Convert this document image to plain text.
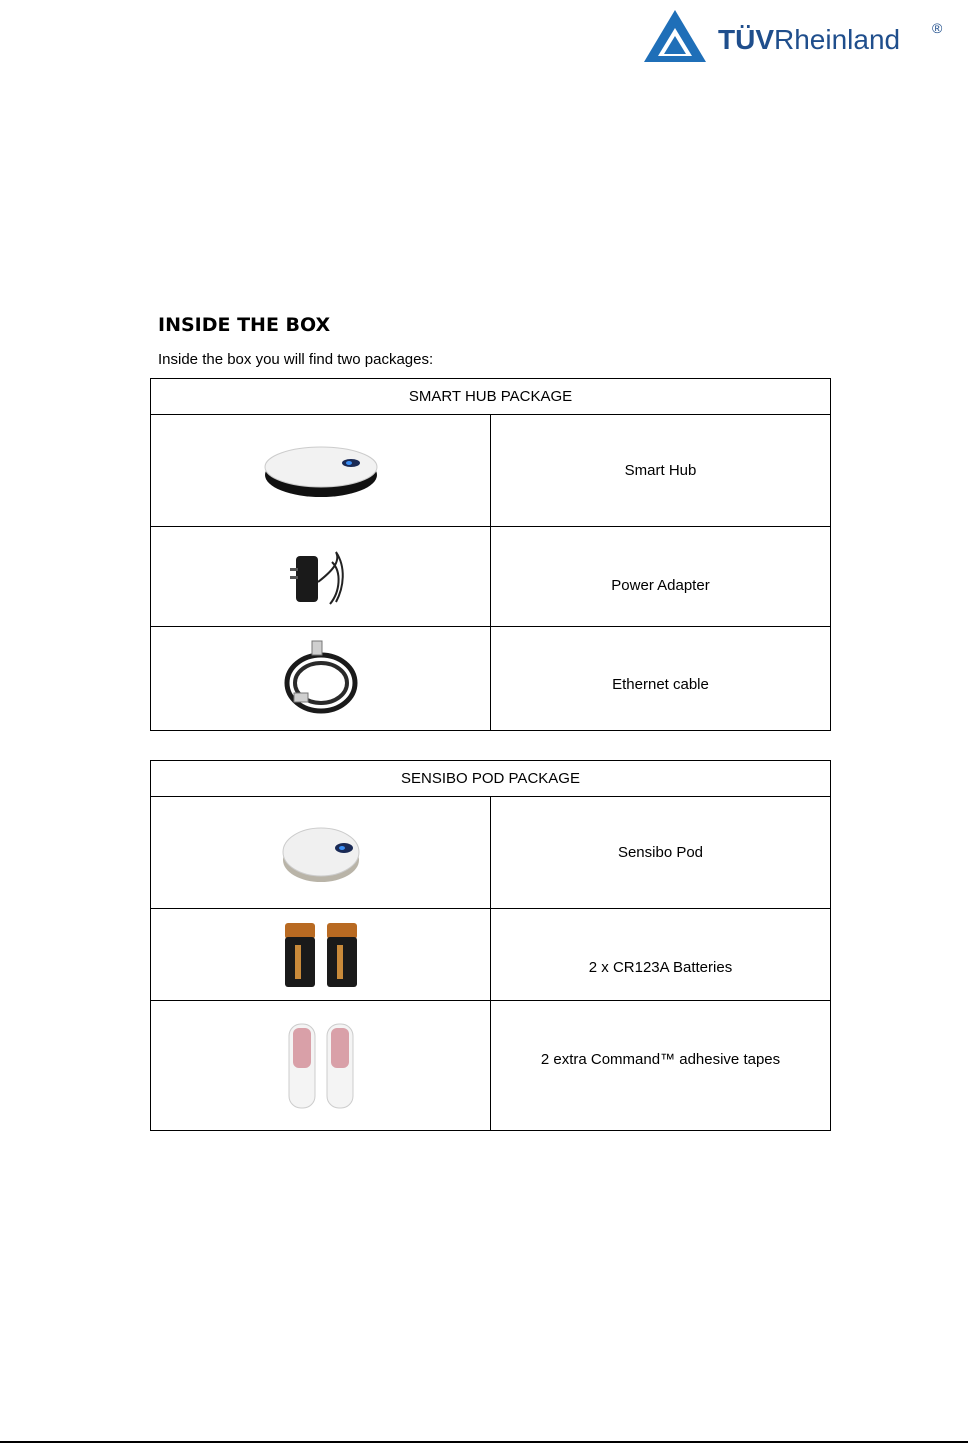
TÜVRheinland ®
INSIDE THE BOX

Inside the box you will find two packages:

SMART HUB PACKAGE	

	Smart Hub

	Power Adapter

	Ethernet cable
SENSIBO POD PACKAGE	

	Sensibo Pod

	2 x CR123A Batteries

	2 extra Command™ adhesive tapes
